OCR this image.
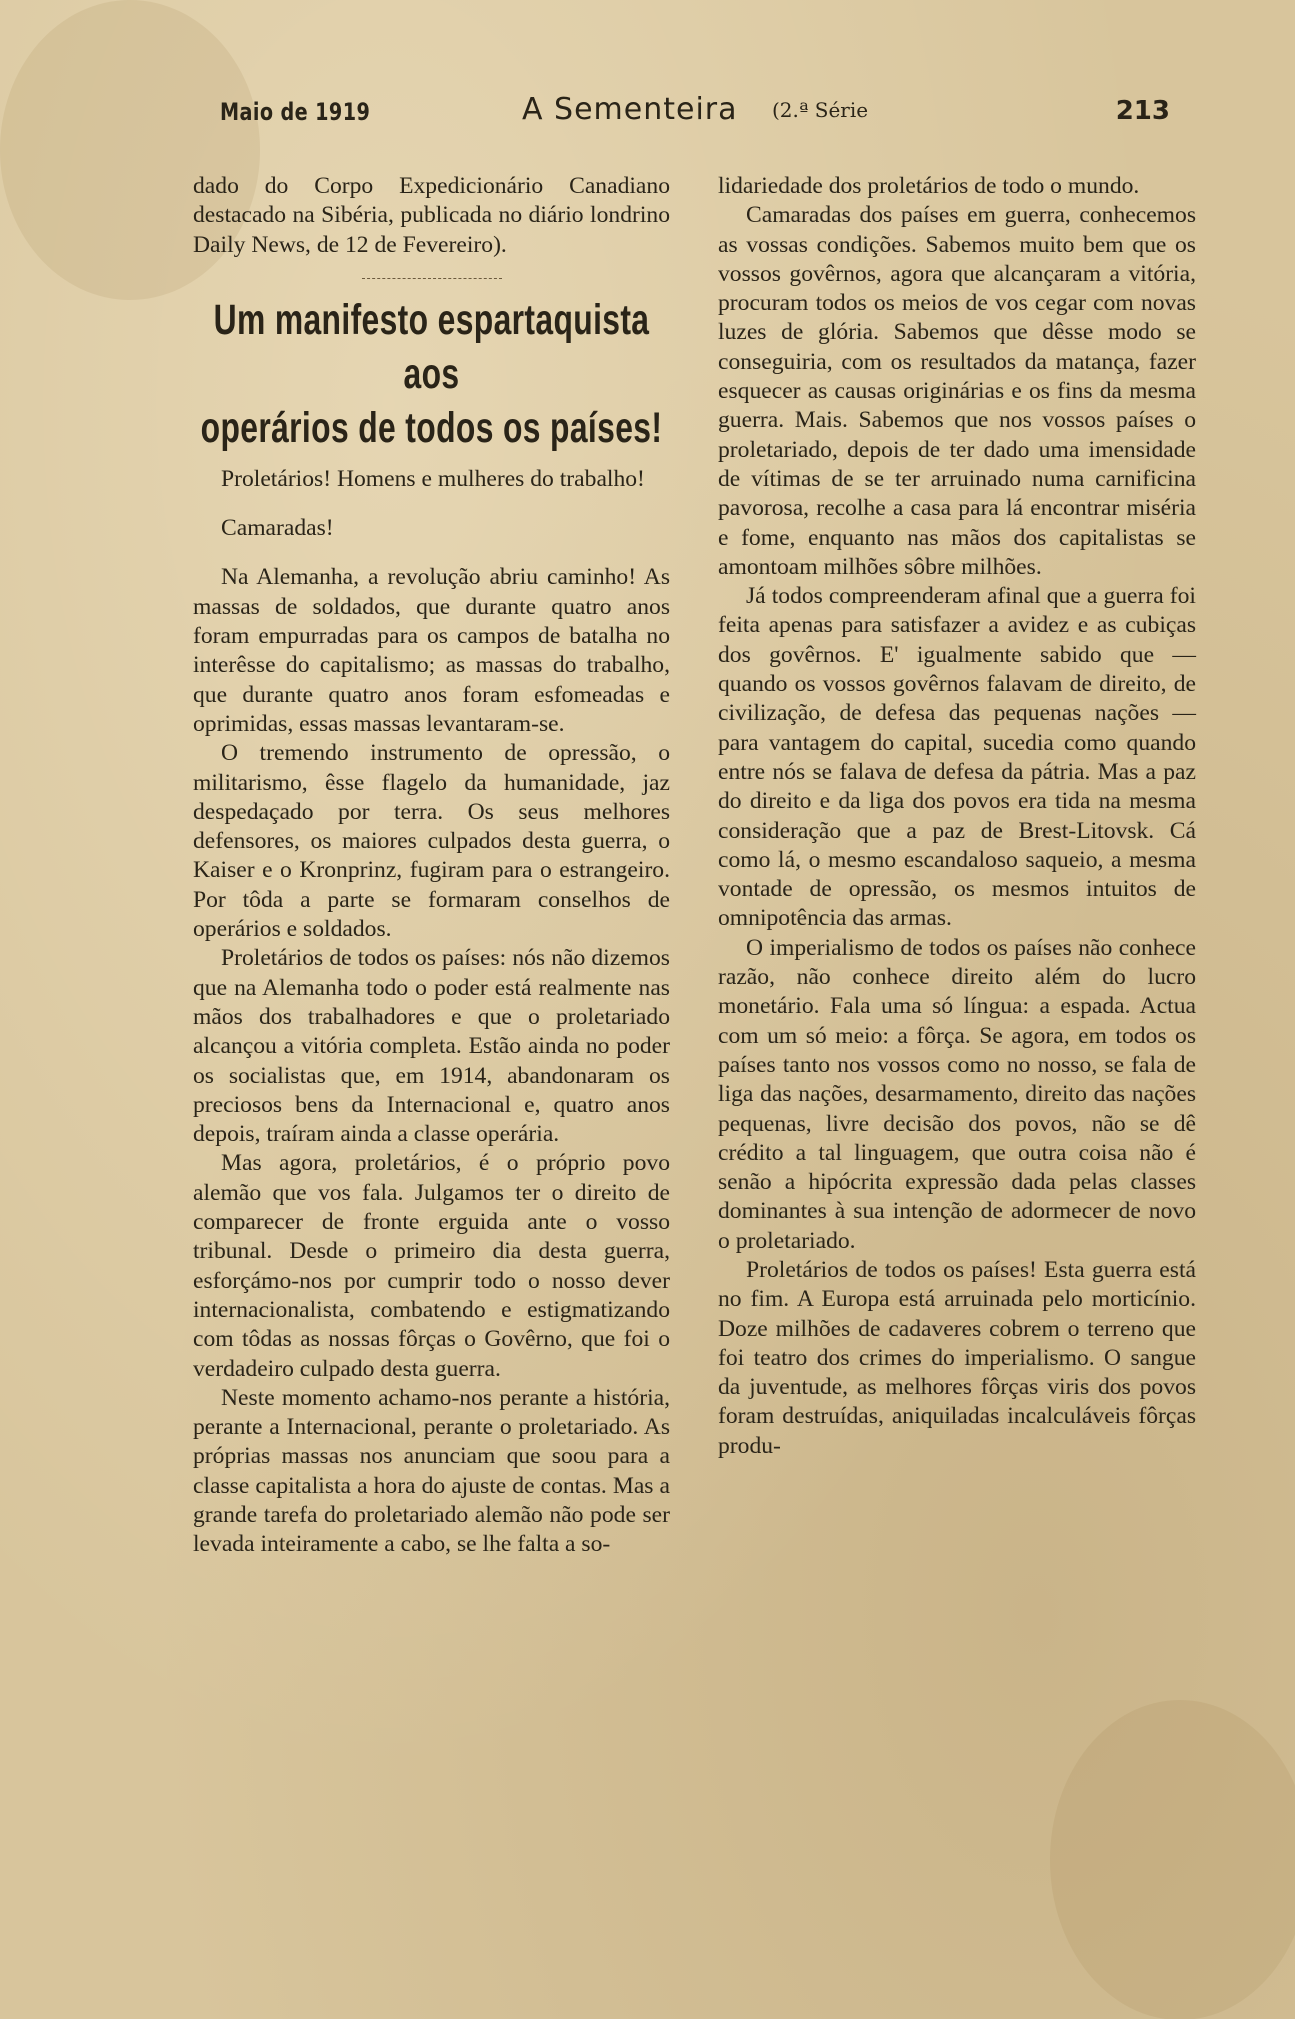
Maio de 1919	A Sementeira (2.ª Série	213

dado do Corpo Expedicionário Canadiano destacado na Sibéria, publicada no diário londrino Daily News, de 12 de Fevereiro).

Um manifesto espartaquista aos
operários de todos os países!

Proletários! Homens e mulheres do trabalho!

Camaradas!

Na Alemanha, a revolução abriu caminho! As massas de soldados, que durante quatro anos foram empurradas para os campos de batalha no interêsse do capitalismo; as massas do trabalho, que durante quatro anos foram esfomeadas e oprimidas, essas massas levantaram-se.

O tremendo instrumento de opressão, o militarismo, êsse flagelo da humanidade, jaz despedaçado por terra. Os seus melhores defensores, os maiores culpados desta guerra, o Kaiser e o Kronprinz, fugiram para o estrangeiro. Por tôda a parte se formaram conselhos de operários e soldados.

Proletários de todos os países: nós não dizemos que na Alemanha todo o poder está realmente nas mãos dos trabalhadores e que o proletariado alcançou a vitória completa. Estão ainda no poder os socialistas que, em 1914, abandonaram os preciosos bens da Internacional e, quatro anos depois, traíram ainda a classe operária.

Mas agora, proletários, é o próprio povo alemão que vos fala. Julgamos ter o direito de comparecer de fronte erguida ante o vosso tribunal. Desde o primeiro dia desta guerra, esforçámo-nos por cumprir todo o nosso dever internacionalista, combatendo e estigmatizando com tôdas as nossas fôrças o Govêrno, que foi o verdadeiro culpado desta guerra.

Neste momento achamo-nos perante a história, perante a Internacional, perante o proletariado. As próprias massas nos anunciam que soou para a classe capitalista a hora do ajuste de contas. Mas a grande tarefa do proletariado alemão não pode ser levada inteiramente a cabo, se lhe falta a so-

lidariedade dos proletários de todo o mundo.

Camaradas dos países em guerra, conhecemos as vossas condições. Sabemos muito bem que os vossos govêrnos, agora que alcançaram a vitória, procuram todos os meios de vos cegar com novas luzes de glória. Sabemos que dêsse modo se conseguiria, com os resultados da matança, fazer esquecer as causas originárias e os fins da mesma guerra. Mais. Sabemos que nos vossos países o proletariado, depois de ter dado uma imensidade de vítimas de se ter arruinado numa carnificina pavorosa, recolhe a casa para lá encontrar miséria e fome, enquanto nas mãos dos capitalistas se amontoam milhões sôbre milhões.

Já todos compreenderam afinal que a guerra foi feita apenas para satisfazer a avidez e as cubiças dos govêrnos. E' igualmente sabido que — quando os vossos govêrnos falavam de direito, de civilização, de defesa das pequenas nações — para vantagem do capital, sucedia como quando entre nós se falava de defesa da pátria. Mas a paz do direito e da liga dos povos era tida na mesma consideração que a paz de Brest-Litovsk. Cá como lá, o mesmo escandaloso saqueio, a mesma vontade de opressão, os mesmos intuitos de omnipotência das armas.

O imperialismo de todos os países não conhece razão, não conhece direito além do lucro monetário. Fala uma só língua: a espada. Actua com um só meio: a fôrça. Se agora, em todos os países tanto nos vossos como no nosso, se fala de liga das nações, desarmamento, direito das nações pequenas, livre decisão dos povos, não se dê crédito a tal linguagem, que outra coisa não é senão a hipócrita expressão dada pelas classes dominantes à sua intenção de adormecer de novo o proletariado.

Proletários de todos os países! Esta guerra está no fim. A Europa está arruinada pelo morticínio. Doze milhões de cadaveres cobrem o terreno que foi teatro dos crimes do imperialismo. O sangue da juventude, as melhores fôrças viris dos povos foram destruídas, aniquiladas incalculáveis fôrças produ-
